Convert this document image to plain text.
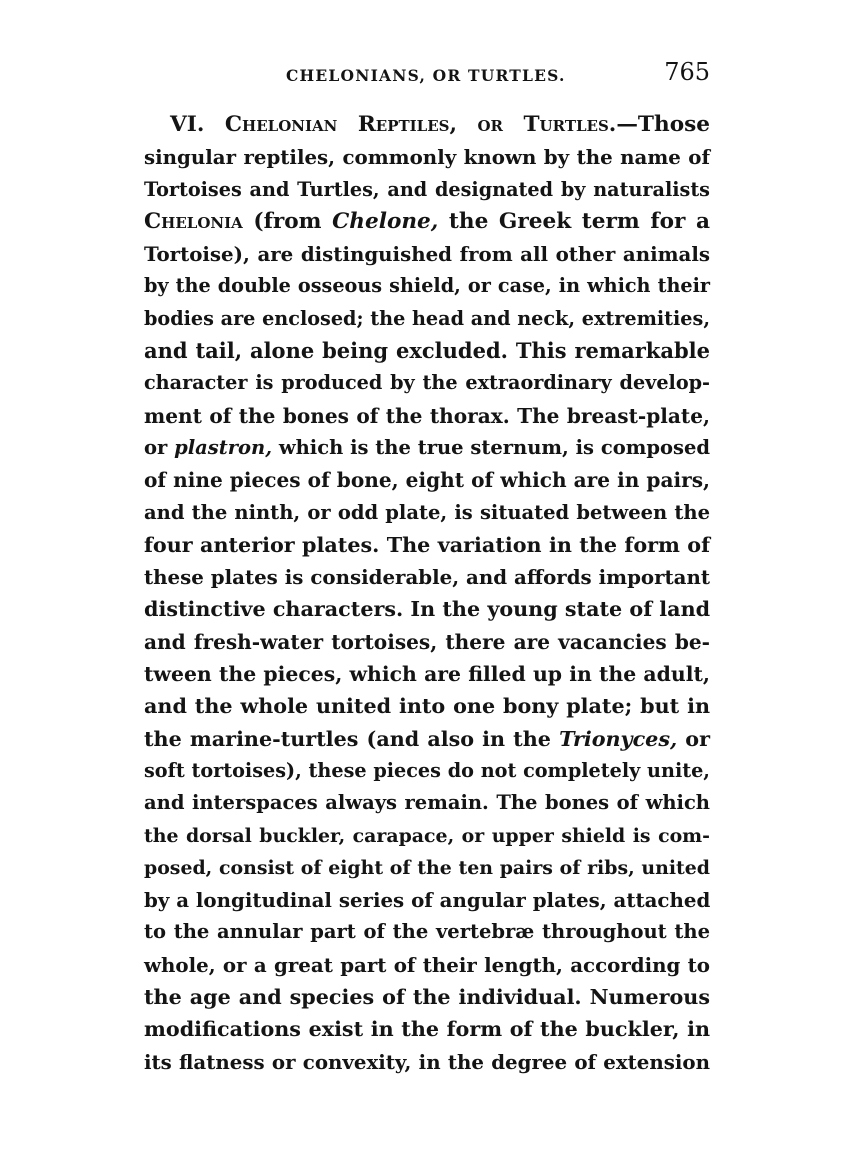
CHELONIANS, OR TURTLES.	765
VI. Chelonian Reptiles, or Turtles.—Those
singular reptiles, commonly known by the name of
Tortoises and Turtles, and designated by naturalists
Chelonia (from Chelone, the Greek term for a
Tortoise), are distinguished from all other animals
by the double osseous shield, or case, in which their
bodies are enclosed; the head and neck, extremities,
and tail, alone being excluded. This remarkable
character is produced by the extraordinary develop-
ment of the bones of the thorax. The breast-plate,
or plastron, which is the true sternum, is composed
of nine pieces of bone, eight of which are in pairs,
and the ninth, or odd plate, is situated between the
four anterior plates. The variation in the form of
these plates is considerable, and affords important
distinctive characters. In the young state of land
and fresh-water tortoises, there are vacancies be-
tween the pieces, which are filled up in the adult,
and the whole united into one bony plate; but in
the marine-turtles (and also in the Trionyces, or
soft tortoises), these pieces do not completely unite,
and interspaces always remain. The bones of which
the dorsal buckler, carapace, or upper shield is com-
posed, consist of eight of the ten pairs of ribs, united
by a longitudinal series of angular plates, attached
to the annular part of the vertebræ throughout the
whole, or a great part of their length, according to
the age and species of the individual. Numerous
modifications exist in the form of the buckler, in
its flatness or convexity, in the degree of extension
